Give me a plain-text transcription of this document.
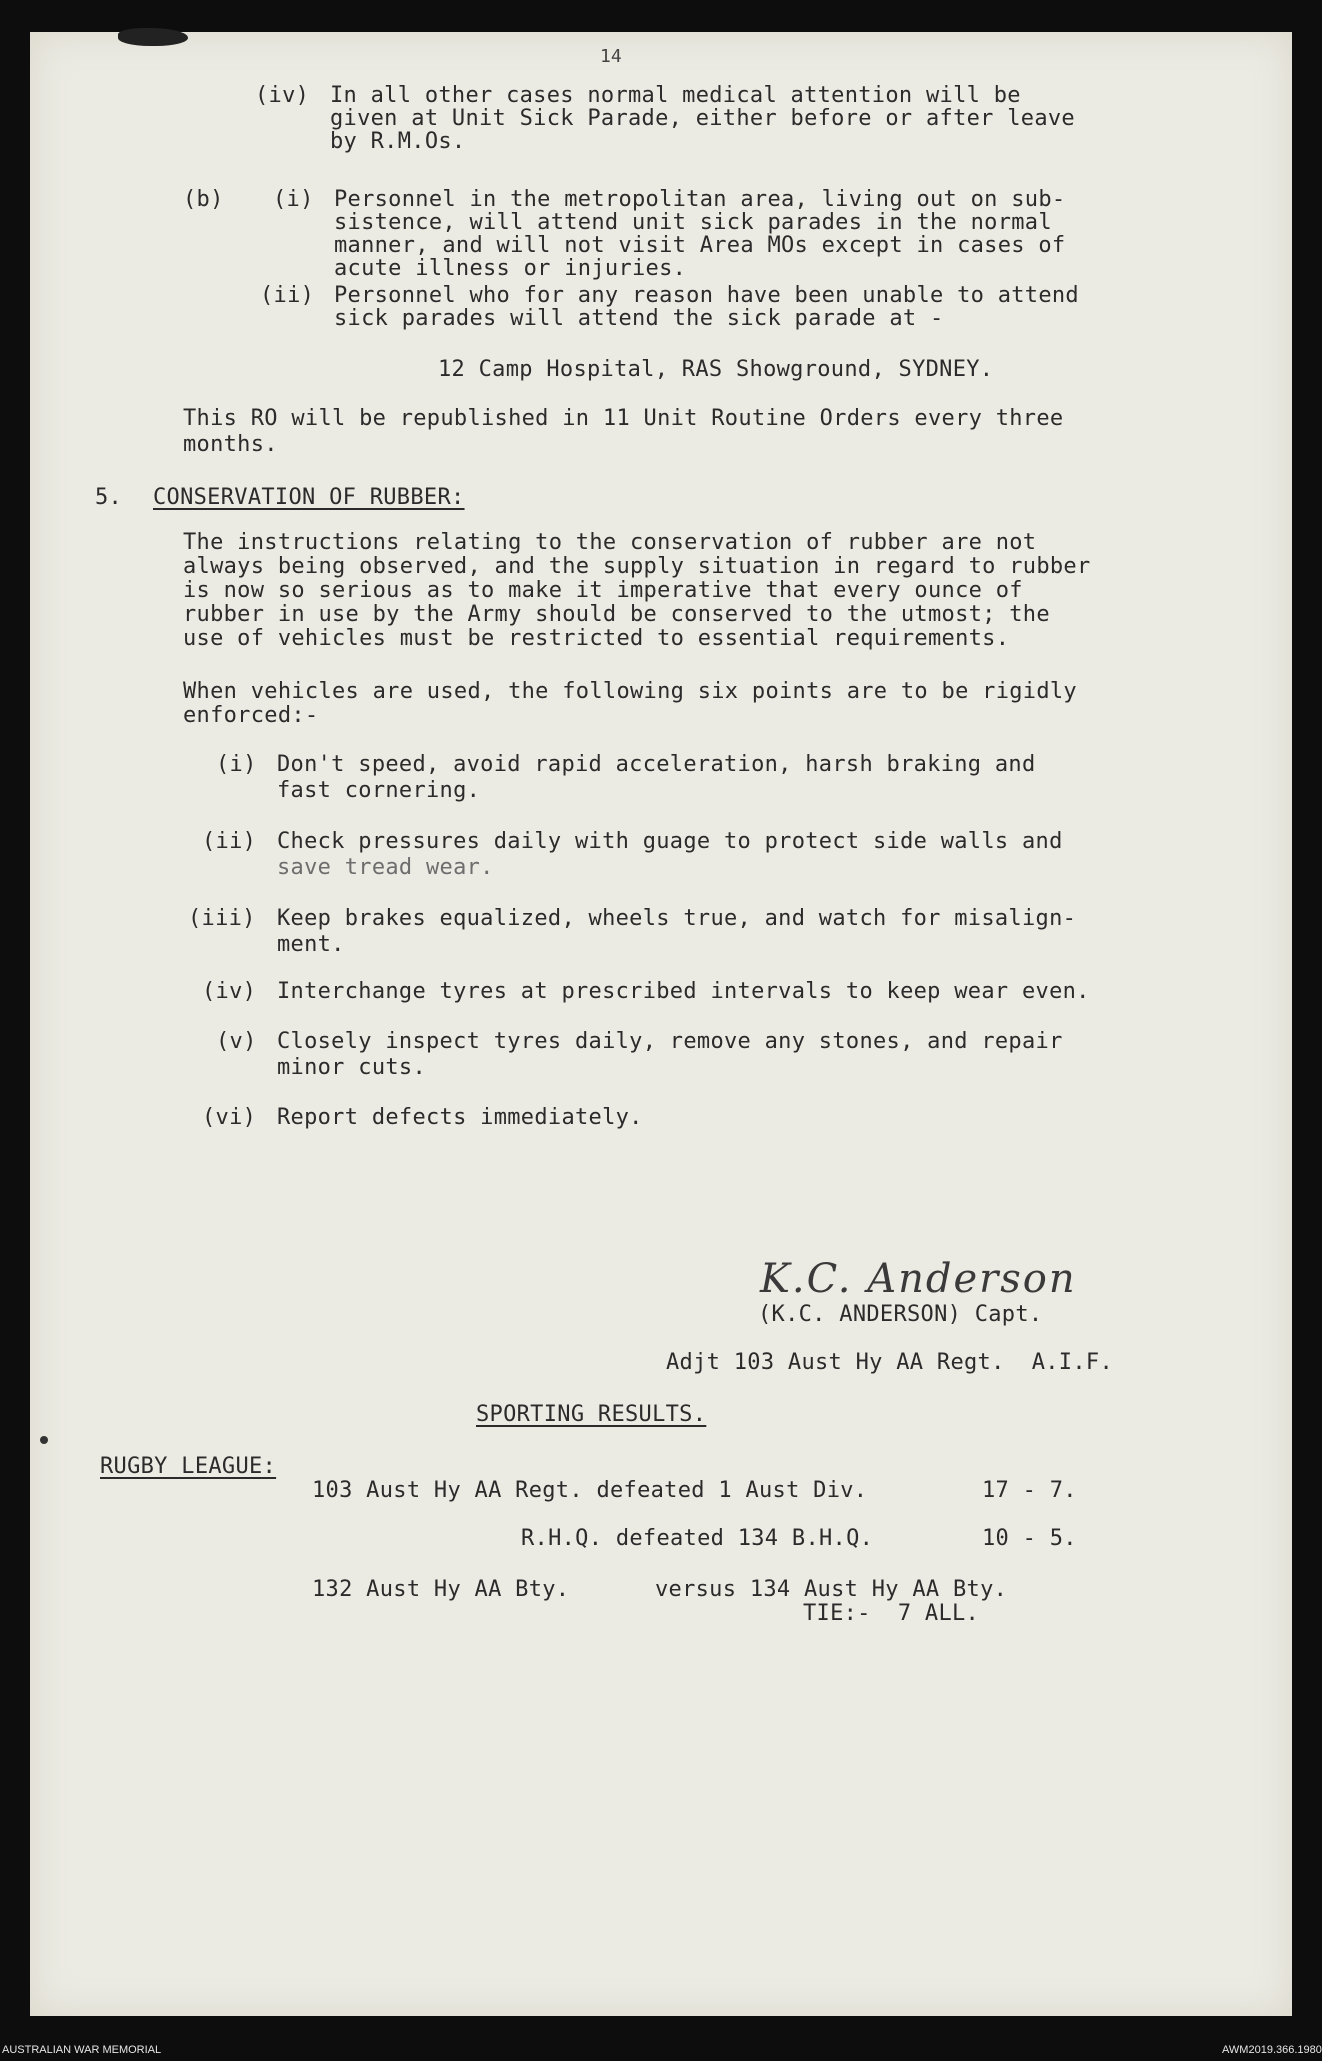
14
(iv) In all other cases normal medical attention will be
given at Unit Sick Parade, either before or after leave
by R.M.Os.
(b) (i) Personnel in the metropolitan area, living out on sub-
sistence, will attend unit sick parades in the normal
manner, and will not visit Area MOs except in cases of
acute illness or injuries.
(ii) Personnel who for any reason have been unable to attend
sick parades will attend the sick parade at -
12 Camp Hospital, RAS Showground, SYDNEY.
This RO will be republished in 11 Unit Routine Orders every three
months.
5. CONSERVATION OF RUBBER:
The instructions relating to the conservation of rubber are not
always being observed, and the supply situation in regard to rubber
is now so serious as to make it imperative that every ounce of
rubber in use by the Army should be conserved to the utmost; the
use of vehicles must be restricted to essential requirements.
When vehicles are used, the following six points are to be rigidly
enforced:-
(i) Don't speed, avoid rapid acceleration, harsh braking and
fast cornering.
(ii) Check pressures daily with guage to protect side walls and
save tread wear.
(iii) Keep brakes equalized, wheels true, and watch for misalign-
ment.
(iv) Interchange tyres at prescribed intervals to keep wear even.
(v) Closely inspect tyres daily, remove any stones, and repair
minor cuts.
(vi) Report defects immediately.
K.C. Anderson
(K.C. ANDERSON) Capt.
Adjt 103 Aust Hy AA Regt.  A.I.F.
SPORTING RESULTS.
RUGBY LEAGUE:
103 Aust Hy AA Regt. defeated 1 Aust Div.	17 - 7.
R.H.Q. defeated 134 B.H.Q.	10 - 5.
132 Aust Hy AA Bty.	versus 134 Aust Hy AA Bty.
TIE:-  7 ALL.
AUSTRALIAN WAR MEMORIAL	AWM2019.366.1980
